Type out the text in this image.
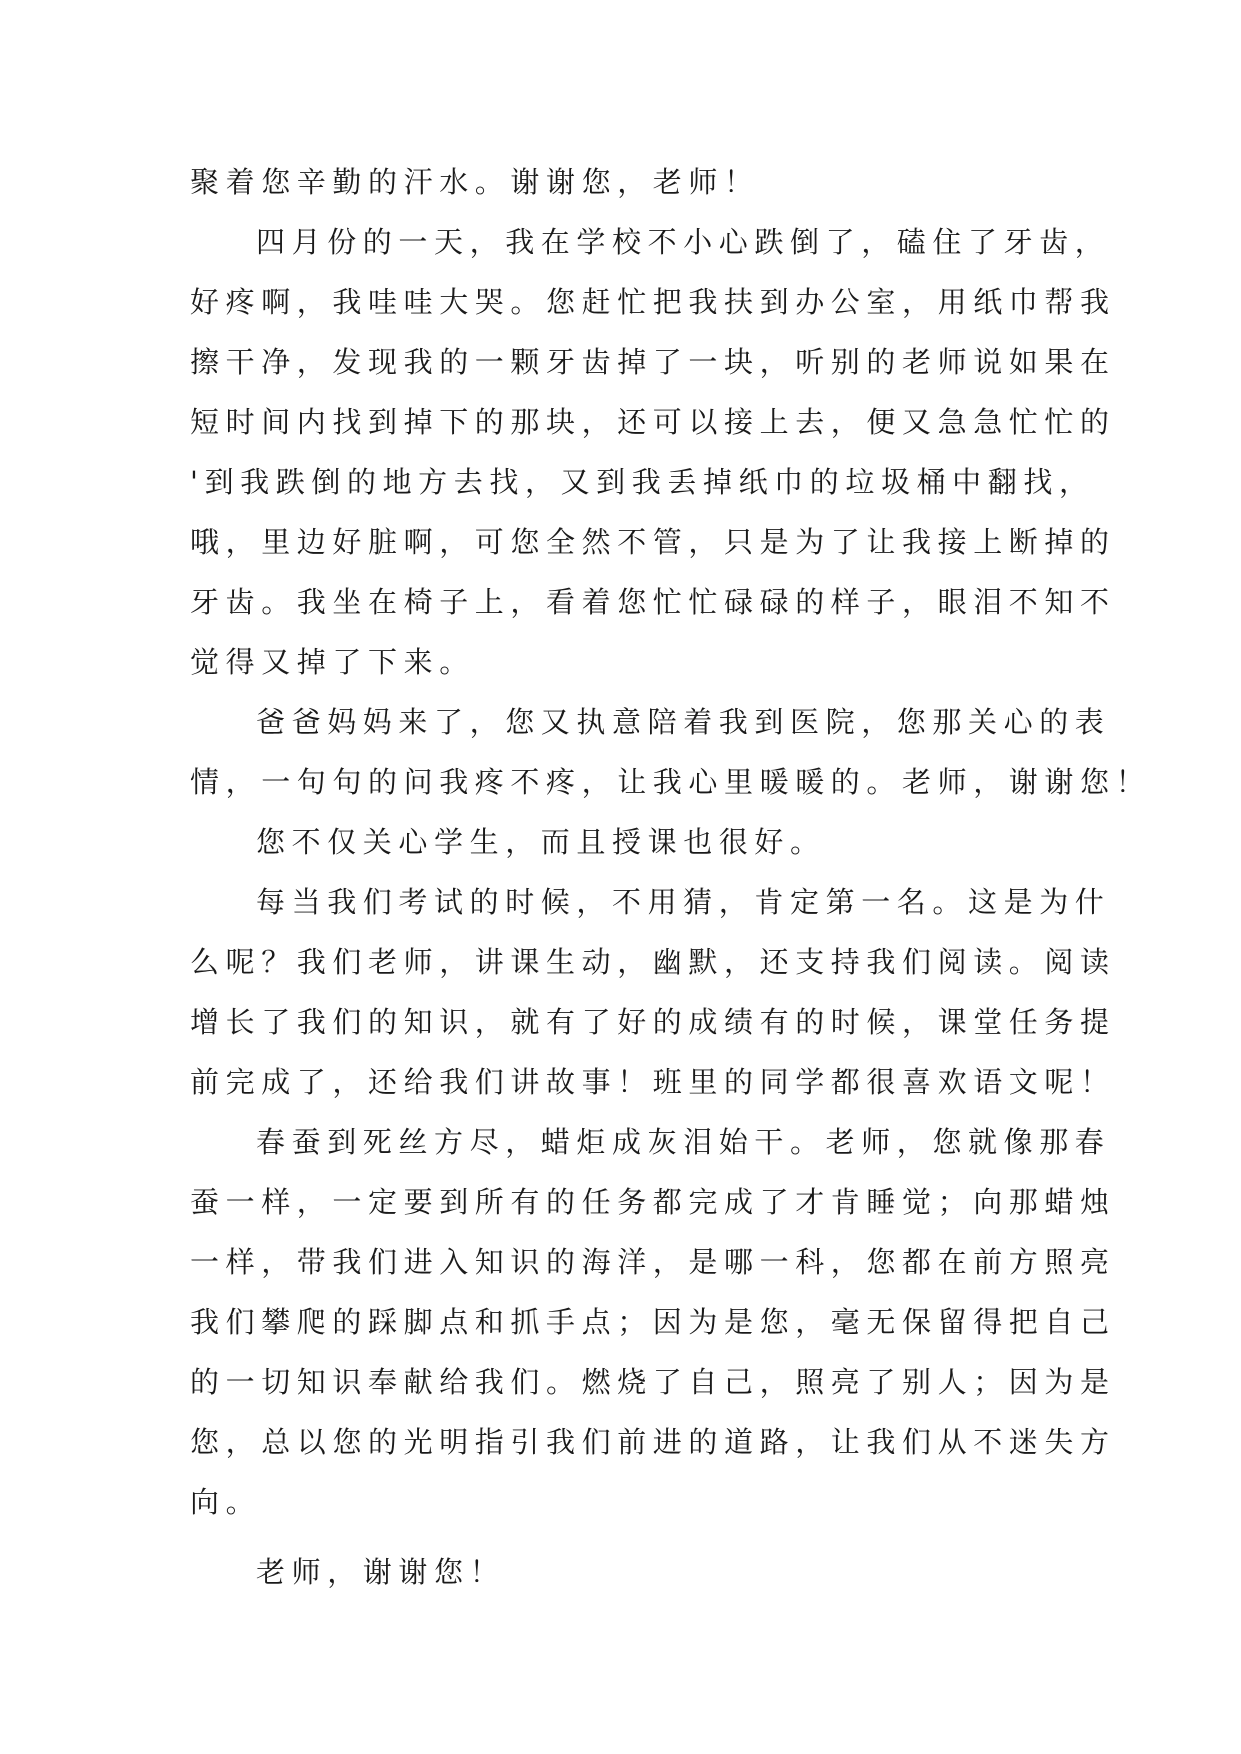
聚着您辛勤的汗水。谢谢您，老师！
四月份的一天，我在学校不小心跌倒了，磕住了牙齿，
好疼啊，我哇哇大哭。您赶忙把我扶到办公室，用纸巾帮我
擦干净，发现我的一颗牙齿掉了一块，听别的老师说如果在
短时间内找到掉下的那块，还可以接上去，便又急急忙忙的
'到我跌倒的地方去找，又到我丢掉纸巾的垃圾桶中翻找，
哦，里边好脏啊，可您全然不管，只是为了让我接上断掉的
牙齿。我坐在椅子上，看着您忙忙碌碌的样子，眼泪不知不
觉得又掉了下来。
爸爸妈妈来了，您又执意陪着我到医院，您那关心的表
情，一句句的问我疼不疼，让我心里暖暖的。老师，谢谢您！
您不仅关心学生，而且授课也很好。
每当我们考试的时候，不用猜，肯定第一名。这是为什
么呢？我们老师，讲课生动，幽默，还支持我们阅读。阅读
增长了我们的知识，就有了好的成绩有的时候，课堂任务提
前完成了，还给我们讲故事！班里的同学都很喜欢语文呢！
春蚕到死丝方尽，蜡炬成灰泪始干。老师，您就像那春
蚕一样，一定要到所有的任务都完成了才肯睡觉；向那蜡烛
一样，带我们进入知识的海洋，是哪一科，您都在前方照亮
我们攀爬的踩脚点和抓手点；因为是您，毫无保留得把自己
的一切知识奉献给我们。燃烧了自己，照亮了别人；因为是
您，总以您的光明指引我们前进的道路，让我们从不迷失方
向。
老师，谢谢您！
